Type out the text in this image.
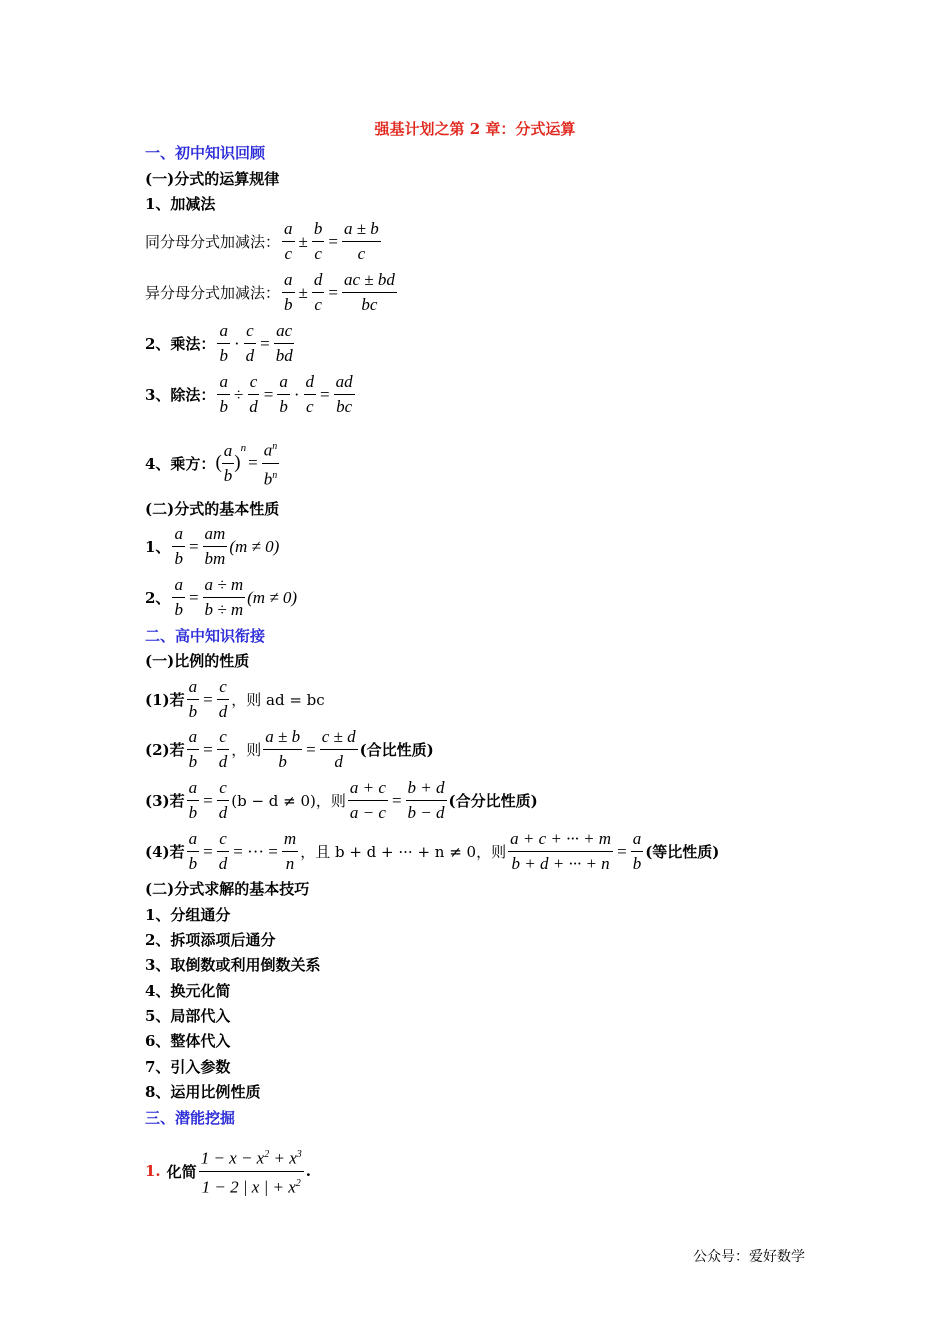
强基计划之第 2 章：分式运算
一、初中知识回顾
(一)分式的运算规律
1、加减法
同分母分式加减法： $\frac{a}{c} \pm \frac{b}{c} = \frac{a \pm b}{c}$
异分母分式加减法： $\frac{a}{b} \pm \frac{d}{c} = \frac{ac \pm bd}{bc}$
2、乘法： $\frac{a}{b} \cdot \frac{c}{d} = \frac{ac}{bd}$
3、除法： $\frac{a}{b} \div \frac{c}{d} = \frac{a}{b} \cdot \frac{d}{c} = \frac{ad}{bc}$
4、乘方： ( $\frac{a}{b}$ )
n
= $\frac{a^n}{b^n}$
(二)分式的基本性质
1、 $\frac{a}{b} = \frac{am}{bm} (m \ne 0)$
2、 $\frac{a}{b} = \frac{a \div m}{b \div m} (m \ne 0)$
二、高中知识衔接
(一)比例的性质
(1)若 $\frac{a}{b} = \frac{c}{d}$ ，则 ad = bc
(2)若 $\frac{a}{b} = \frac{c}{d}$ ，则 $\frac{a \pm b}{b} = \frac{c \pm d}{d}$ (合比性质)
(3)若 $\frac{a}{b} = \frac{c}{d} (b - d \ne 0)$，则 $\frac{a + c}{a - c} = \frac{b + d}{b - d}$ (合分比性质)
(4)若 $\frac{a}{b} = \frac{c}{d}$ = ··· = $\frac{m}{n}$ ，且 b + d + ··· + n ≠ 0，则 $\frac{a + c + \cdot\cdot\cdot + m}{b + d + \cdot\cdot\cdot + n} = \frac{a}{b}$ (等比性质)
(二)分式求解的基本技巧
1、分组通分
2、拆项添项后通分
3、取倒数或利用倒数关系
4、换元化简
5、局部代入
6、整体代入
7、引入参数
8、运用比例性质
三、潜能挖掘
1. 化简 $\frac{1 - x - x^2 + x^3}{1 - 2 | x | + x^2}$ .
公众号：爱好数学
